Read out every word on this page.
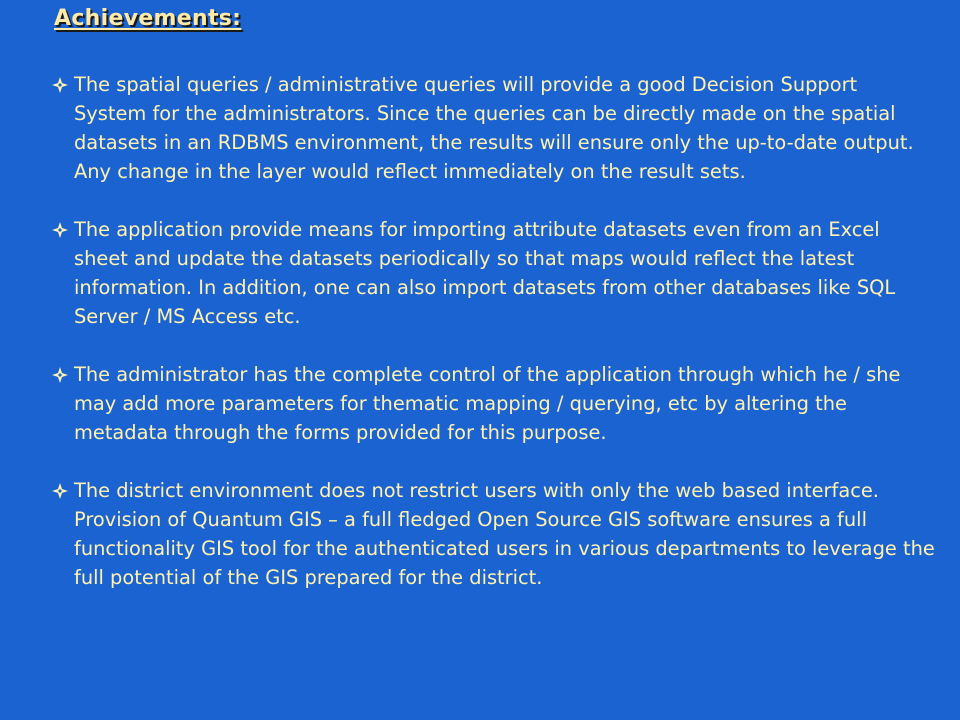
Achievements:
The spatial queries / administrative queries will provide a good Decision Support System for the administrators. Since the queries can be directly made on the spatial datasets in an RDBMS environment, the results will ensure only the up-to-date output. Any change in the layer would reflect immediately on the result sets.
The application provide means for importing attribute datasets even from an Excel sheet and update the datasets periodically so that maps would reflect the latest information. In addition, one can also import datasets from other databases like SQL Server / MS Access etc.
The administrator has the complete control of the application through which he / she may add more parameters for thematic mapping / querying, etc by altering the metadata through the forms provided for this purpose.
The district environment does not restrict users with only the web based interface. Provision of Quantum GIS – a full fledged Open Source GIS software ensures a full functionality GIS tool for the authenticated users in various departments to leverage the full potential of the GIS prepared for the district.
